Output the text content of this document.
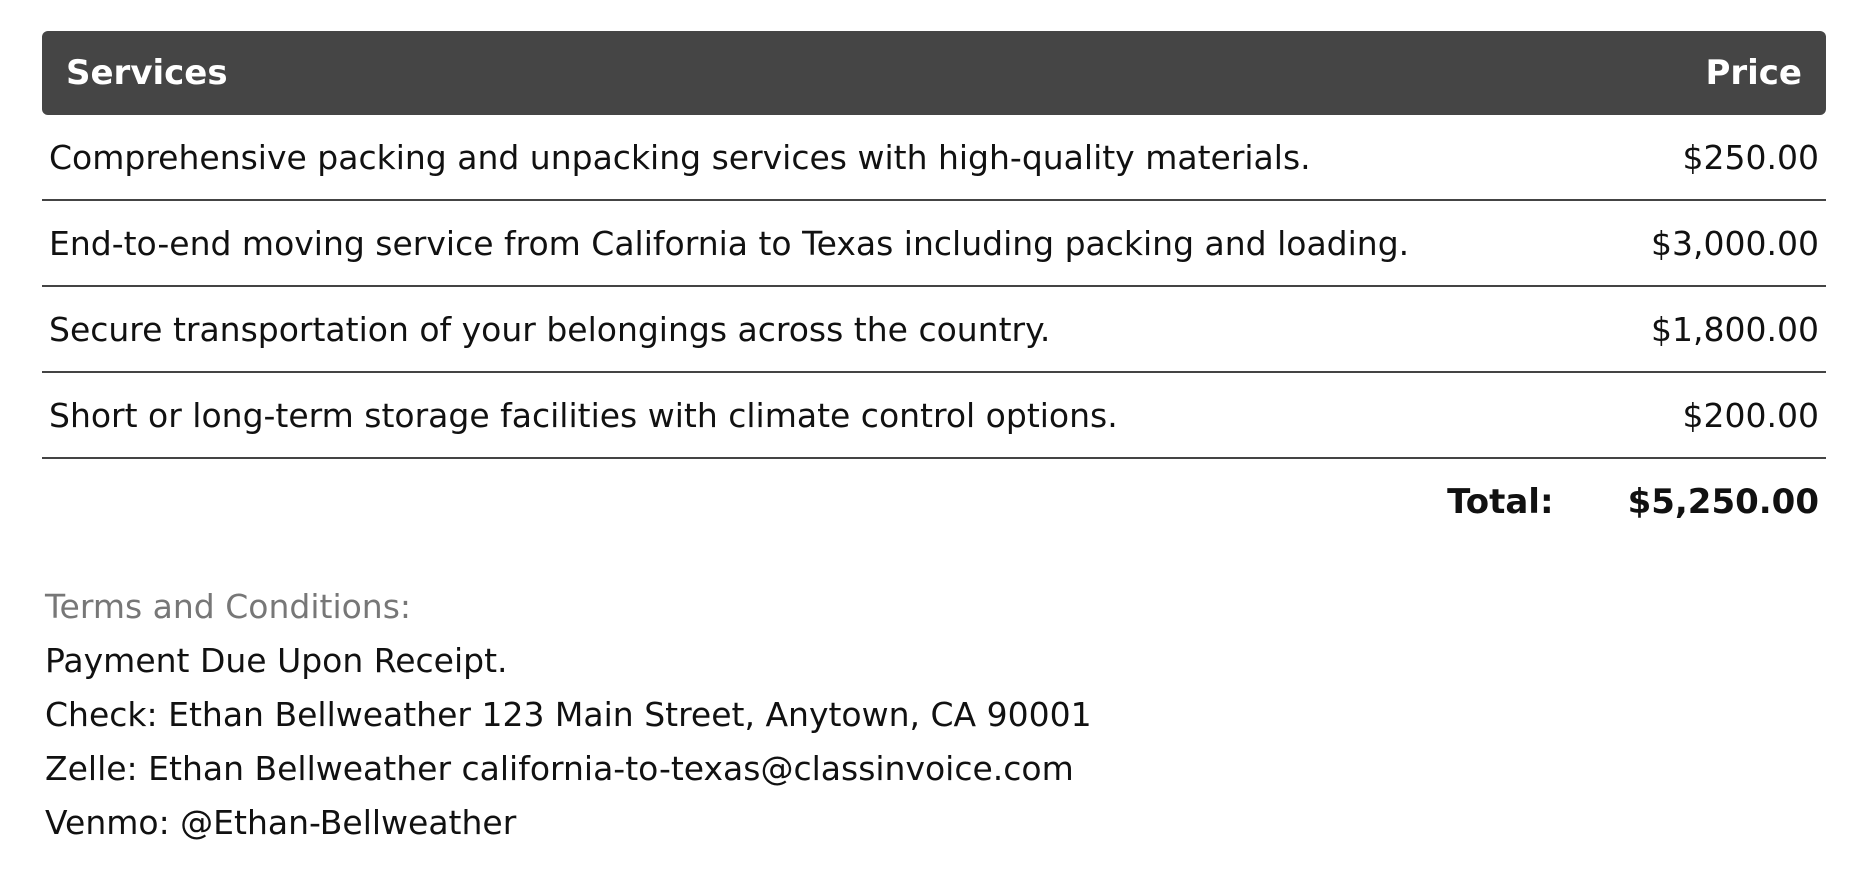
Services	Price
Comprehensive packing and unpacking services with high-quality materials.	$250.00
End-to-end moving service from California to Texas including packing and loading.	$3,000.00
Secure transportation of your belongings across the country.	$1,800.00
Short or long-term storage facilities with climate control options.	$200.00
Total: $5,250.00
Terms and Conditions:
Payment Due Upon Receipt.
Check: Ethan Bellweather 123 Main Street, Anytown, CA 90001
Zelle: Ethan Bellweather california-to-texas@classinvoice.com
Venmo: @Ethan-Bellweather
